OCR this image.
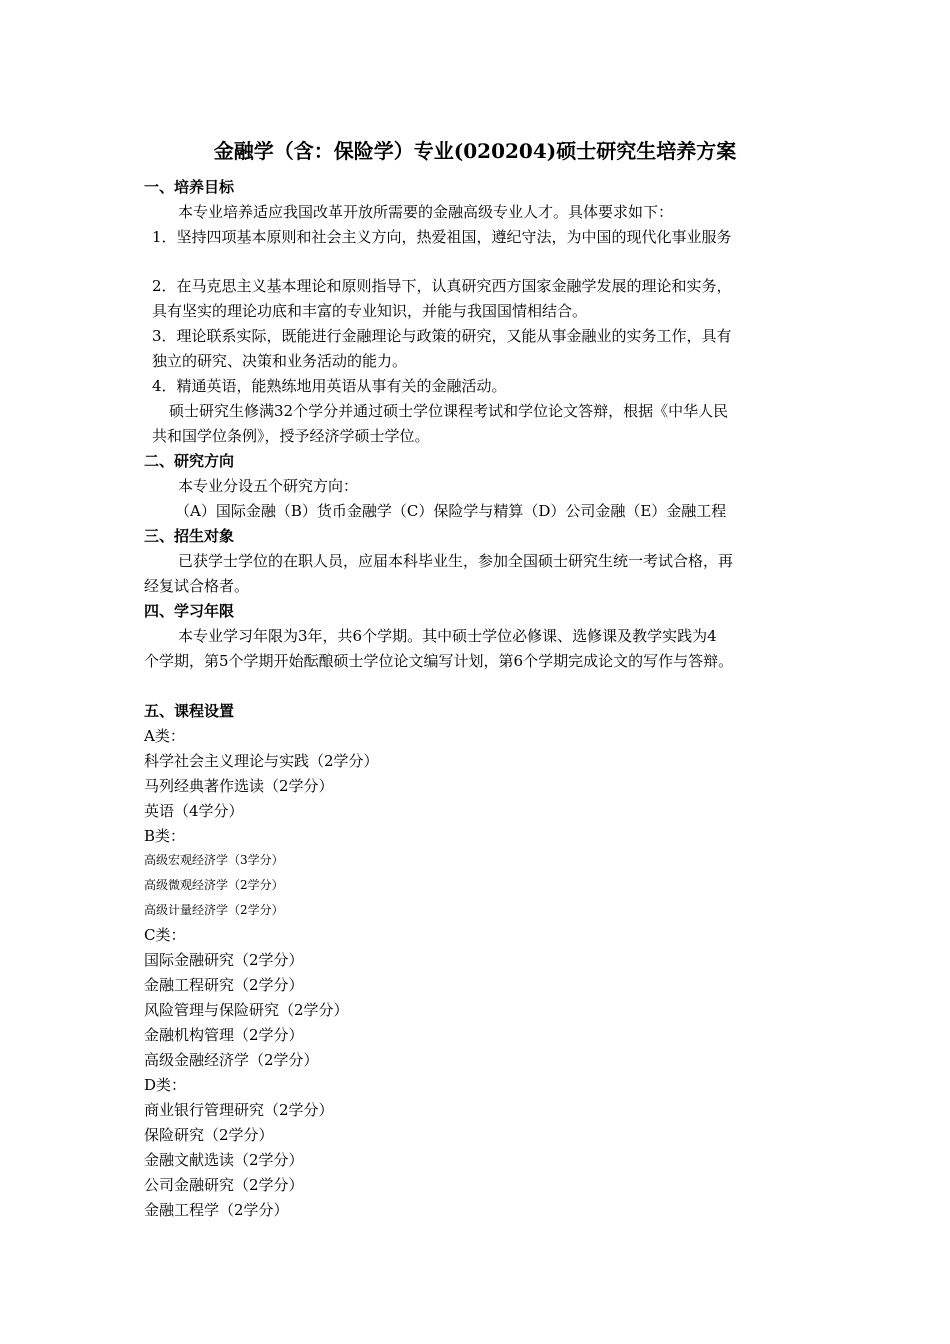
金融学（含：保险学）专业(020204)硕士研究生培养方案
一、培养目标
本专业培养适应我国改革开放所需要的金融高级专业人才。具体要求如下：
1．坚持四项基本原则和社会主义方向，热爱祖国，遵纪守法，为中国的现代化事业服务
2．在马克思主义基本理论和原则指导下，认真研究西方国家金融学发展的理论和实务，
具有坚实的理论功底和丰富的专业知识，并能与我国国情相结合。
3．理论联系实际，既能进行金融理论与政策的研究，又能从事金融业的实务工作，具有
独立的研究、决策和业务活动的能力。
4．精通英语，能熟练地用英语从事有关的金融活动。
硕士研究生修满32个学分并通过硕士学位课程考试和学位论文答辩，根据《中华人民
共和国学位条例》，授予经济学硕士学位。
二、研究方向
本专业分设五个研究方向：
（A）国际金融（B）货币金融学（C）保险学与精算（D）公司金融（E）金融工程
三、招生对象
已获学士学位的在职人员，应届本科毕业生，参加全国硕士研究生统一考试合格，再
经复试合格者。
四、学习年限
本专业学习年限为3年，共6个学期。其中硕士学位必修课、选修课及教学实践为4
个学期，第5个学期开始酝酿硕士学位论文编写计划，第6个学期完成论文的写作与答辩。
五、课程设置
A类：
科学社会主义理论与实践（2学分）
马列经典著作选读（2学分）
英语（4学分）
B类：
高级宏观经济学（3学分）
高级微观经济学（2学分）
高级计量经济学（2学分）
C类：
国际金融研究（2学分）
金融工程研究（2学分）
风险管理与保险研究（2学分）
金融机构管理（2学分）
高级金融经济学（2学分）
D类：
商业银行管理研究（2学分）
保险研究（2学分）
金融文献选读（2学分）
公司金融研究（2学分）
金融工程学（2学分）
